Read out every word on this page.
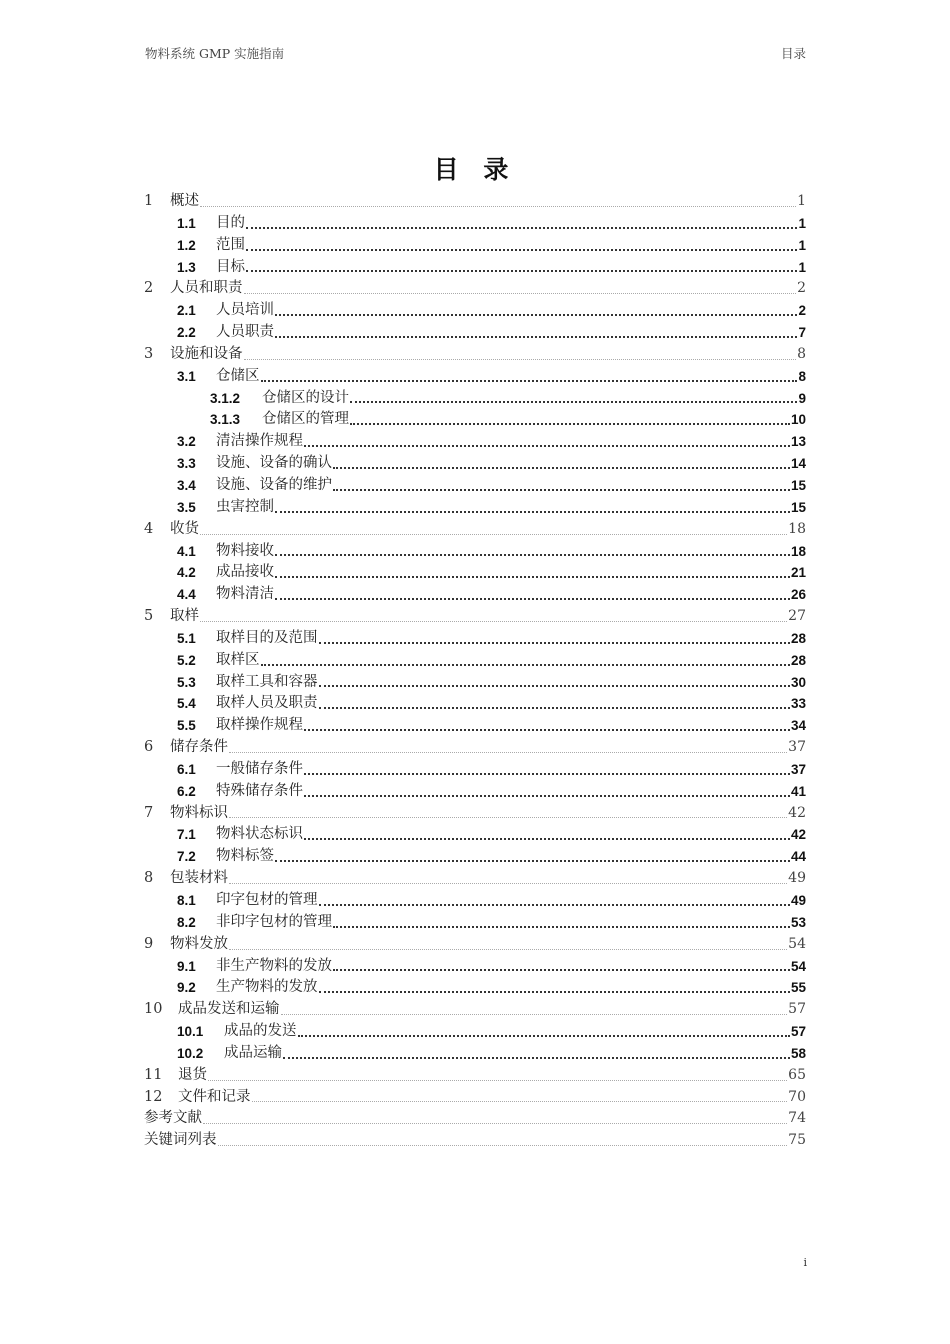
物料系统 GMP 实施指南	目录
目 录
1	概述	1
1.1	目的	1
1.2	范围	1
1.3	目标	1
2	人员和职责	2
2.1	人员培训	2
2.2	人员职责	7
3	设施和设备	8
3.1	仓储区	8
3.1.2	仓储区的设计	9
3.1.3	仓储区的管理	10
3.2	清洁操作规程	13
3.3	设施、设备的确认	14
3.4	设施、设备的维护	15
3.5	虫害控制	15
4	收货	18
4.1	物料接收	18
4.2	成品接收	21
4.4	物料清洁	26
5	取样	27
5.1	取样目的及范围	28
5.2	取样区	28
5.3	取样工具和容器	30
5.4	取样人员及职责	33
5.5	取样操作规程	34
6	储存条件	37
6.1	一般储存条件	37
6.2	特殊储存条件	41
7	物料标识	42
7.1	物料状态标识	42
7.2	物料标签	44
8	包装材料	49
8.1	印字包材的管理	49
8.2	非印字包材的管理	53
9	物料发放	54
9.1	非生产物料的发放	54
9.2	生产物料的发放	55
10	成品发送和运输	57
10.1	成品的发送	57
10.2	成品运输	58
11	退货	65
12	文件和记录	70
参考文献	74
关键词列表	75
i
